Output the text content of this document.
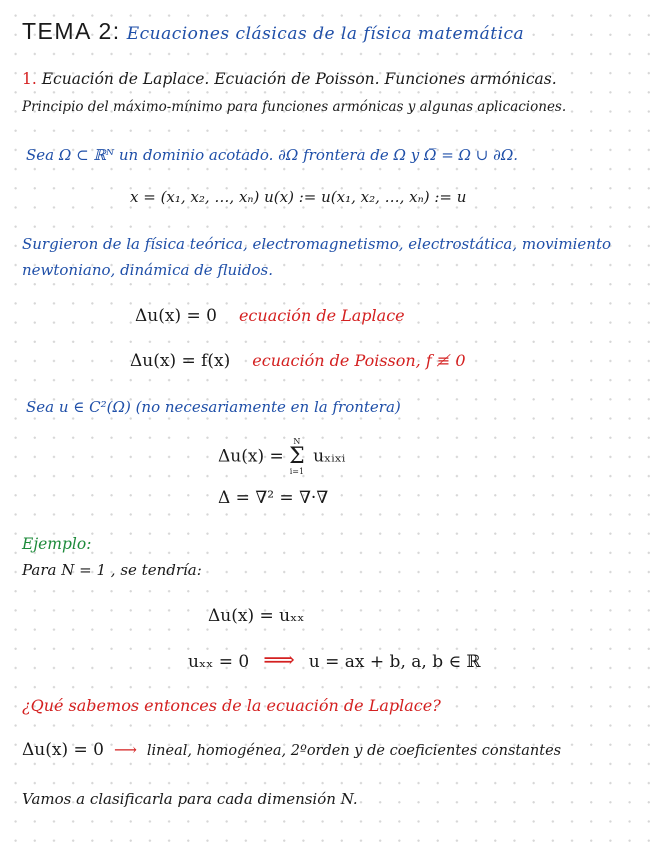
TEMA 2: Ecuaciones clásicas de la física matemática
1. Ecuación de Laplace. Ecuación de Poisson. Funciones armónicas.
Principio del máximo-mínimo para funciones armónicas y algunas aplicaciones.
Sea Ω ⊂ ℝᴺ un dominio acotado. ∂Ω frontera de Ω y Ω̅ = Ω ∪ ∂Ω.
x = (x₁, x₂, …, xₙ) u(x) := u(x₁, x₂, …, xₙ) := u
Surgieron de la física teórica, electromagnetismo, electrostática, movimiento
newtoniano, dinámica de fluidos.
Δu(x) = 0 ecuación de Laplace
Δu(x) = f(x) ecuación de Poisson, f ≢ 0
Sea u ∈ C²(Ω) (no necesariamente en la frontera)
Δu(x) =
N
Σ
i=1
uₓᵢₓᵢ
Δ = ∇² = ∇·∇
Ejemplo:
Para N = 1 , se tendría:
Δu(x) = uₓₓ
uₓₓ = 0 ⟹ u = ax + b, a, b ∈ ℝ
¿Qué sabemos entonces de la ecuación de Laplace?
Δu(x) = 0 ⟶ lineal, homogénea, 2ºorden y de coeficientes constantes
Vamos a clasificarla para cada dimensión N.
